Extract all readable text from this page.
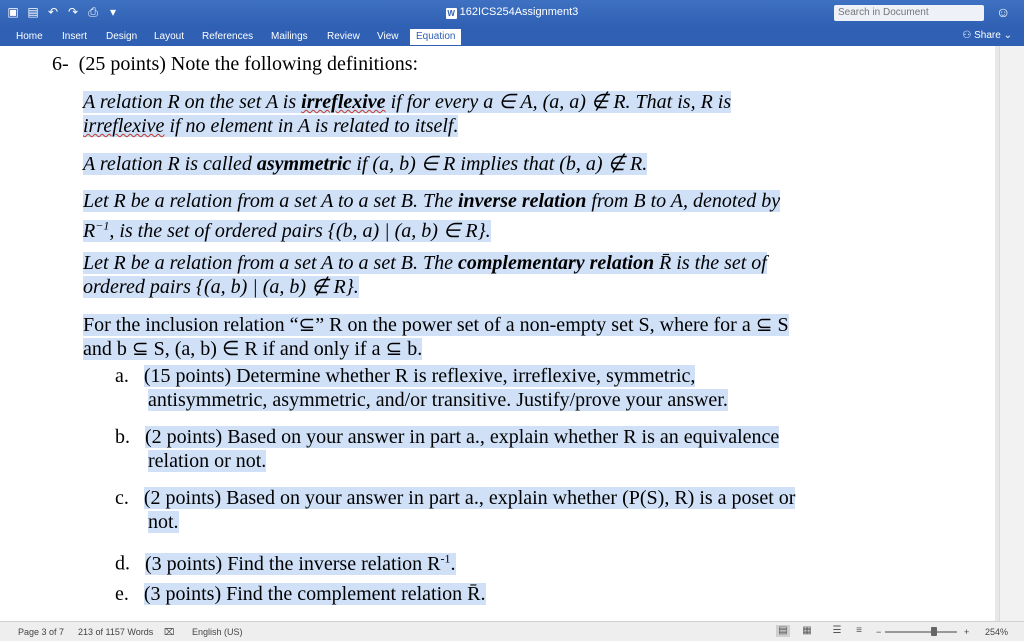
▣ ▤ ↶ ↷ ⎙	▾	W 162ICS254Assignment3
Search in Document	☺
Home Insert Design Layout References Mailings Review View	Equation	⚇ Share ⌄
6- (25 points) Note the following definitions:
A relation R on the set A is irreflexive if for every a ∈ A, (a, a) ∉ R. That is, R is
irreflexive if no element in A is related to itself.
A relation R is called asymmetric if (a, b) ∈ R implies that (b, a) ∉ R.
Let R be a relation from a set A to a set B. The inverse relation from B to A, denoted by
$R^{-1}$, is the set of ordered pairs {(b, a) | (a, b) ∈ R}.
Let R be a relation from a set A to a set B. The complementary relation R̄ is the set of
ordered pairs {(a, b) | (a, b) ∉ R}.
For the inclusion relation “⊆” R on the power set of a non-empty set S, where for a ⊆ S
and b ⊆ S, (a, b) ∈ R if and only if a ⊆ b.
a. (15 points) Determine whether R is reflexive, irreflexive, symmetric,
antisymmetric, asymmetric, and/or transitive. Justify/prove your answer.
b. (2 points) Based on your answer in part a., explain whether R is an equivalence
relation or not.
c. (2 points) Based on your answer in part a., explain whether (P(S), R) is a poset or
not.
d. (3 points) Find the inverse relation $R^{-1}$.
e. (3 points) Find the complement relation R̄.
Page 3 of 7 213 of 1157 Words ⌧ English (US)	▤ ▦ ☰	≡	−	+ 254%
